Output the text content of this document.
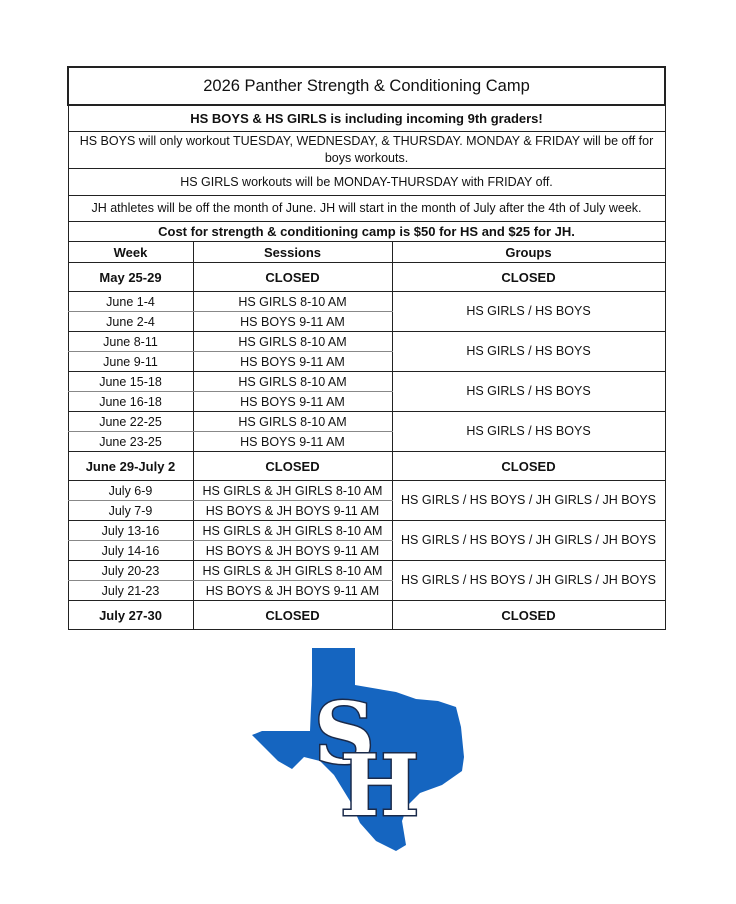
2026 Panther Strength & Conditioning Camp		
HS BOYS & HS GIRLS is including incoming 9th graders!		
HS BOYS will only workout TUESDAY, WEDNESDAY, & THURSDAY. MONDAY & FRIDAY will be off for boys workouts.		
HS GIRLS workouts will be MONDAY-THURSDAY with FRIDAY off.		
JH athletes will be off the month of June. JH will start in the month of July after the 4th of July week.		
Cost for strength & conditioning camp is $50 for HS and $25 for JH.		
Week	Sessions	Groups
May 25-29	CLOSED	CLOSED
June 1-4	HS GIRLS 8-10 AM	HS GIRLS / HS BOYS
June 2-4	HS BOYS 9-11 AM	
June 8-11	HS GIRLS 8-10 AM	HS GIRLS / HS BOYS
June 9-11	HS BOYS 9-11 AM	
June 15-18	HS GIRLS 8-10 AM	HS GIRLS / HS BOYS
June 16-18	HS BOYS 9-11 AM	
June 22-25	HS GIRLS 8-10 AM	HS GIRLS / HS BOYS
June 23-25	HS BOYS 9-11 AM	
June 29-July 2	CLOSED	CLOSED
July 6-9	HS GIRLS & JH GIRLS 8-10 AM	HS GIRLS / HS BOYS / JH GIRLS / JH BOYS
July 7-9	HS BOYS & JH BOYS 9-11 AM	
July 13-16	HS GIRLS & JH GIRLS 8-10 AM	HS GIRLS / HS BOYS / JH GIRLS / JH BOYS
July 14-16	HS BOYS & JH BOYS 9-11 AM	
July 20-23	HS GIRLS & JH GIRLS 8-10 AM	HS GIRLS / HS BOYS / JH GIRLS / JH BOYS
July 21-23	HS BOYS & JH BOYS 9-11 AM	
July 27-30	CLOSED	CLOSED
S
H
